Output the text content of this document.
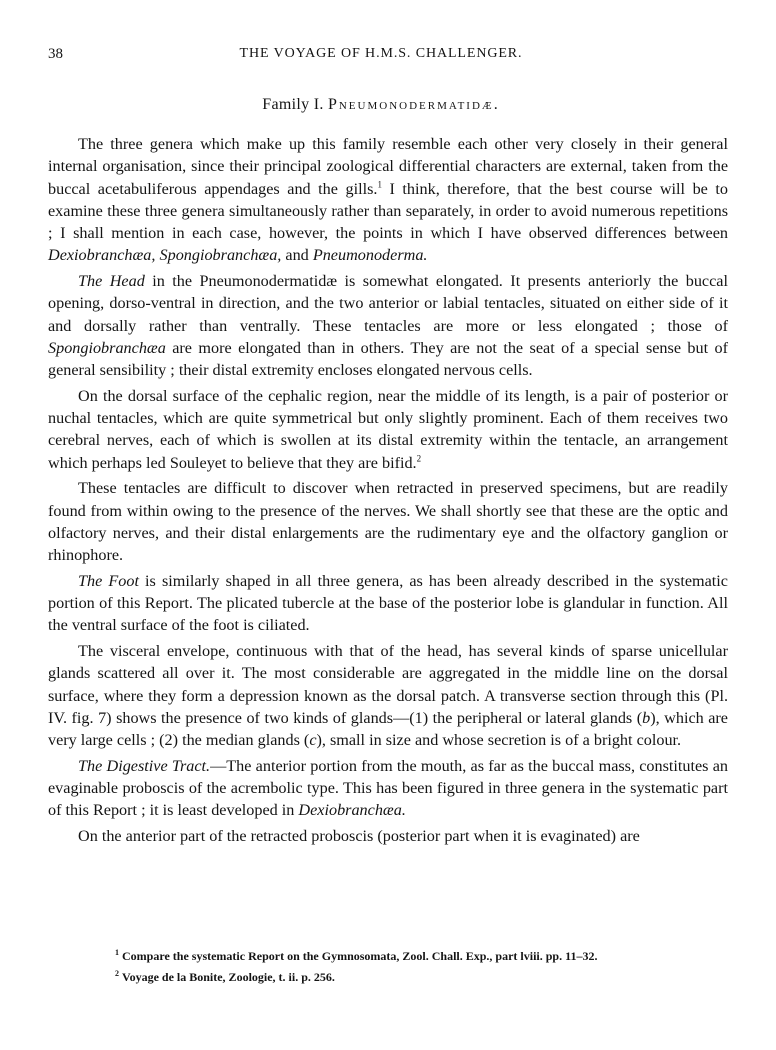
38	THE VOYAGE OF H.M.S. CHALLENGER.
Family I. Pneumonodermatidæ.

The three genera which make up this family resemble each other very closely in their general internal organisation, since their principal zoological differential characters are external, taken from the buccal acetabuliferous appendages and the gills.$^1$ I think, therefore, that the best course will be to examine these three genera simultaneously rather than separately, in order to avoid numerous repetitions ; I shall mention in each case, however, the points in which I have observed differences between Dexiobranchæa, Spongiobranchæa, and Pneumonoderma.

The Head in the Pneumonodermatidæ is somewhat elongated. It presents anteriorly the buccal opening, dorso-ventral in direction, and the two anterior or labial tentacles, situated on either side of it and dorsally rather than ventrally. These tentacles are more or less elongated ; those of Spongiobranchæa are more elongated than in others. They are not the seat of a special sense but of general sensibility ; their distal extremity encloses elongated nervous cells.

On the dorsal surface of the cephalic region, near the middle of its length, is a pair of posterior or nuchal tentacles, which are quite symmetrical but only slightly prominent. Each of them receives two cerebral nerves, each of which is swollen at its distal extremity within the tentacle, an arrangement which perhaps led Souleyet to believe that they are bifid.$^2$

These tentacles are difficult to discover when retracted in preserved specimens, but are readily found from within owing to the presence of the nerves. We shall shortly see that these are the optic and olfactory nerves, and their distal enlargements are the rudimentary eye and the olfactory ganglion or rhinophore.

The Foot is similarly shaped in all three genera, as has been already described in the systematic portion of this Report. The plicated tubercle at the base of the posterior lobe is glandular in function. All the ventral surface of the foot is ciliated.

The visceral envelope, continuous with that of the head, has several kinds of sparse unicellular glands scattered all over it. The most considerable are aggregated in the middle line on the dorsal surface, where they form a depression known as the dorsal patch. A transverse section through this (Pl. IV. fig. 7) shows the presence of two kinds of glands—(1) the peripheral or lateral glands (b), which are very large cells ; (2) the median glands (c), small in size and whose secretion is of a bright colour.

The Digestive Tract.—The anterior portion from the mouth, as far as the buccal mass, constitutes an evaginable proboscis of the acrembolic type. This has been figured in three genera in the systematic part of this Report ; it is least developed in Dexiobranchæa.

On the anterior part of the retracted proboscis (posterior part when it is evaginated) are

$^1$ Compare the systematic Report on the Gymnosomata, Zool. Chall. Exp., part lviii. pp. 11–32.
$^2$ Voyage de la Bonite, Zoologie, t. ii. p. 256.
